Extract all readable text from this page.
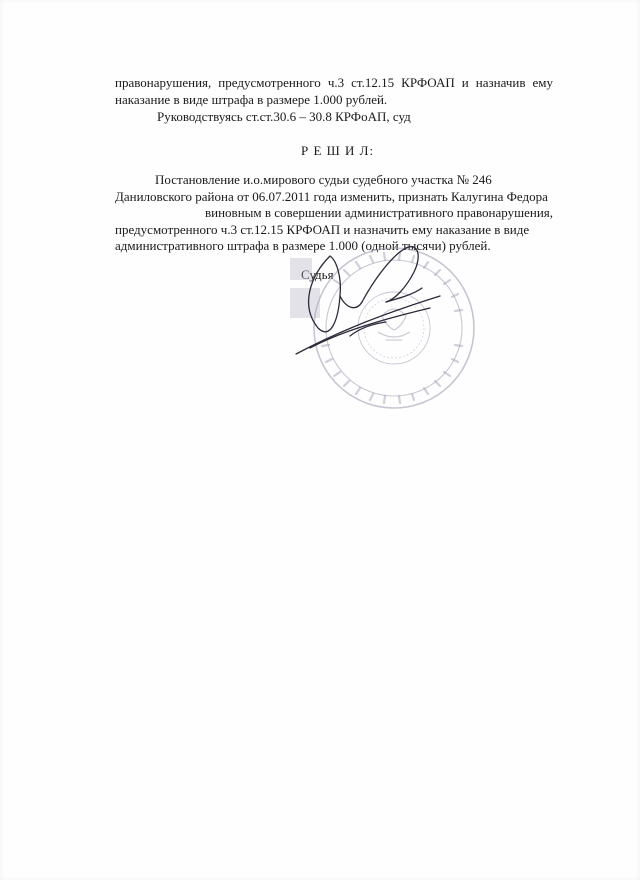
правонарушения, предусмотренного ч.3 ст.12.15 КРФОАП и назначив ему
наказание в виде штрафа в размере 1.000 рублей.
Руководствуясь ст.ст.30.6 – 30.8 КРФоАП, суд
Р Е Ш И Л:
Постановление и.о.мирового судьи судебного участка № 246
Даниловского района от 06.07.2011 года изменить, признать Калугина Федора
виновным в совершении административного правонарушения,
предусмотренного ч.3 ст.12.15 КРФОАП и назначить ему наказание в виде
административного штрафа в размере 1.000 (одной тысячи) рублей.
Судья
